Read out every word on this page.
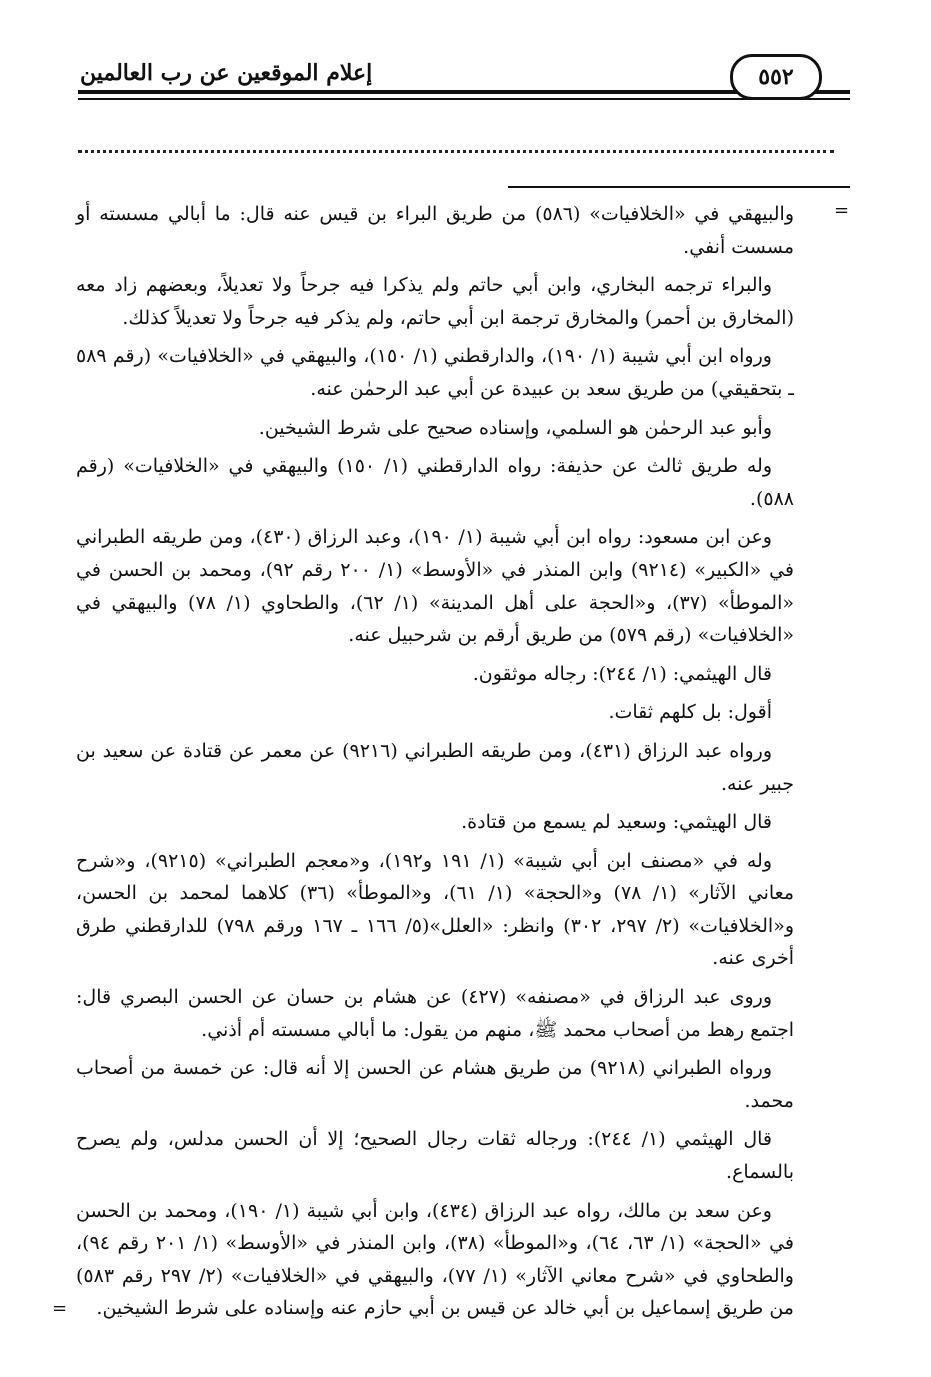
إعلام الموقعين عن رب العالمين	٥٥٢
=

والبيهقي في «الخلافيات» (٥٨٦) من طريق البراء بن قيس عنه قال: ما أبالي مسسته أو مسست أنفي.

والبراء ترجمه البخاري، وابن أبي حاتم ولم يذكرا فيه جرحاً ولا تعديلاً، وبعضهم زاد معه (المخارق بن أحمر) والمخارق ترجمة ابن أبي حاتم، ولم يذكر فيه جرحاً ولا تعديلاً كذلك.

ورواه ابن أبي شيبة (١/ ١٩٠)، والدارقطني (١/ ١٥٠)، والبيهقي في «الخلافيات» (رقم ٥٨٩ ـ بتحقيقي) من طريق سعد بن عبيدة عن أبي عبد الرحمٰن عنه.

وأبو عبد الرحمٰن هو السلمي، وإسناده صحيح على شرط الشيخين.

وله طريق ثالث عن حذيفة: رواه الدارقطني (١/ ١٥٠) والبيهقي في «الخلافيات» (رقم ٥٨٨).

وعن ابن مسعود: رواه ابن أبي شيبة (١/ ١٩٠)، وعبد الرزاق (٤٣٠)، ومن طريقه الطبراني في «الكبير» (٩٢١٤) وابن المنذر في «الأوسط» (١/ ٢٠٠ رقم ٩٢)، ومحمد بن الحسن في «الموطأ» (٣٧)، و«الحجة على أهل المدينة» (١/ ٦٢)، والطحاوي (١/ ٧٨) والبيهقي في «الخلافيات» (رقم ٥٧٩) من طريق أرقم بن شرحبيل عنه.

قال الهيثمي: (١/ ٢٤٤): رجاله موثقون.

أقول: بل كلهم ثقات.

ورواه عبد الرزاق (٤٣١)، ومن طريقه الطبراني (٩٢١٦) عن معمر عن قتادة عن سعيد بن جبير عنه.

قال الهيثمي: وسعيد لم يسمع من قتادة.

وله في «مصنف ابن أبي شيبة» (١/ ١٩١ و١٩٢)، و«معجم الطبراني» (٩٢١٥)، و«شرح معاني الآثار» (١/ ٧٨) و«الحجة» (١/ ٦١)، و«الموطأ» (٣٦) كلاهما لمحمد بن الحسن، و«الخلافيات» (٢/ ٢٩٧، ٣٠٢) وانظر: «العلل»(٥/ ١٦٦ ـ ١٦٧ ورقم ٧٩٨) للدارقطني طرق أخرى عنه.

وروى عبد الرزاق في «مصنفه» (٤٢٧) عن هشام بن حسان عن الحسن البصري قال: اجتمع رهط من أصحاب محمد ﷺ، منهم من يقول: ما أبالي مسسته أم أذني.

ورواه الطبراني (٩٢١٨) من طريق هشام عن الحسن إلا أنه قال: عن خمسة من أصحاب محمد.

قال الهيثمي (١/ ٢٤٤): ورجاله ثقات رجال الصحيح؛ إلا أن الحسن مدلس، ولم يصرح بالسماع.

وعن سعد بن مالك، رواه عبد الرزاق (٤٣٤)، وابن أبي شيبة (١/ ١٩٠)، ومحمد بن الحسن في «الحجة» (١/ ٦٣، ٦٤)، و«الموطأ» (٣٨)، وابن المنذر في «الأوسط» (١/ ٢٠١ رقم ٩٤)، والطحاوي في «شرح معاني الآثار» (١/ ٧٧)، والبيهقي في «الخلافيات» (٢/ ٢٩٧ رقم ٥٨٣) من طريق إسماعيل بن أبي خالد عن قيس بن أبي حازم عنه وإسناده على شرط الشيخين.

=
